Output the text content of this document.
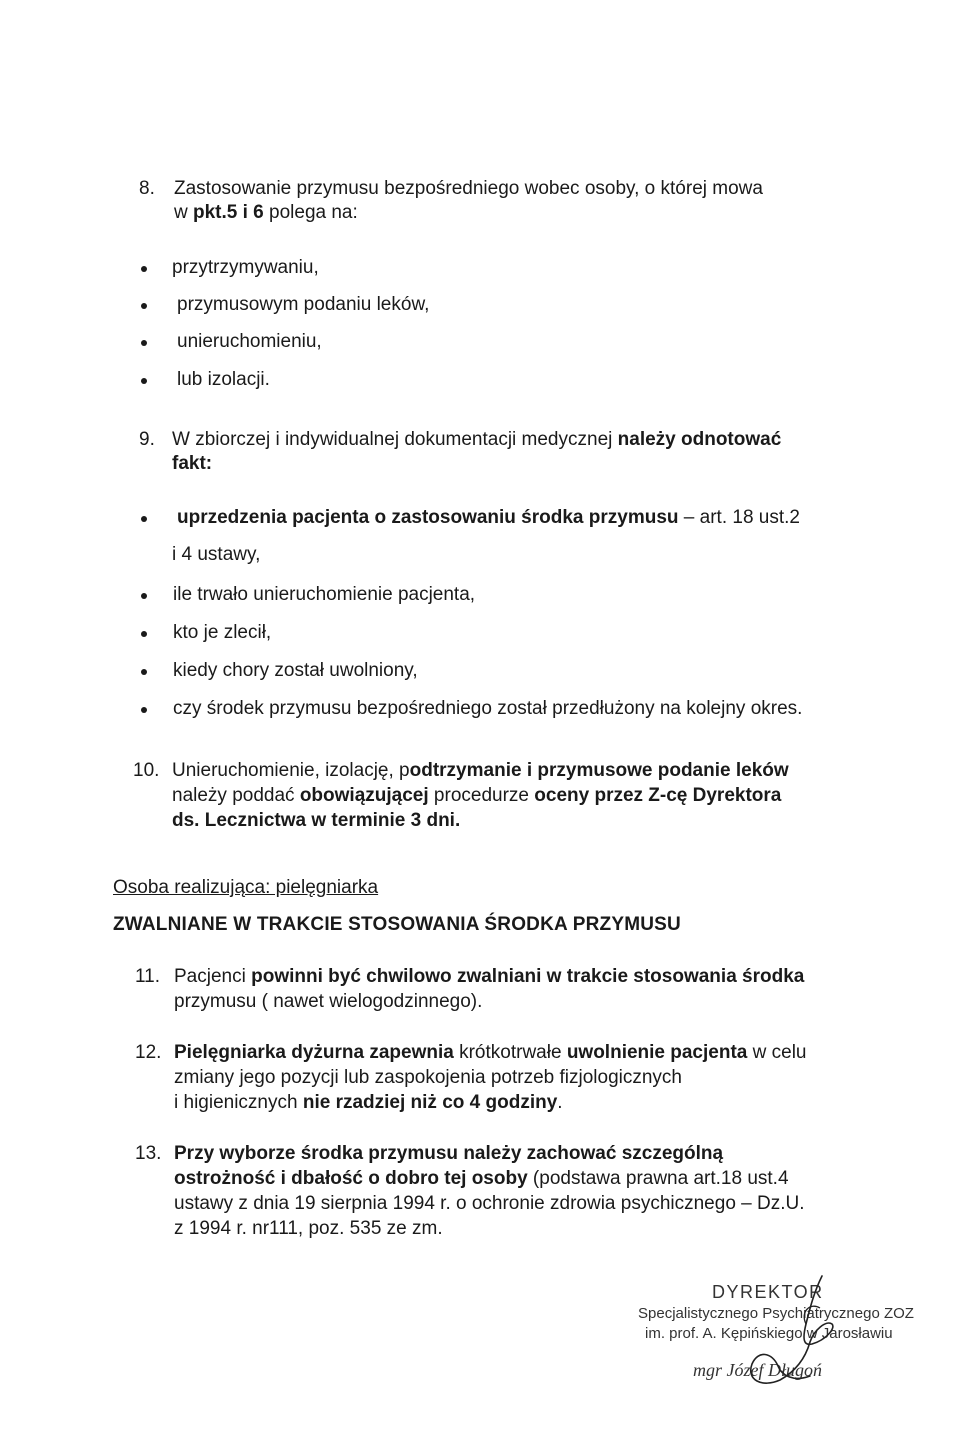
8. Zastosowanie przymusu bezpośredniego wobec osoby, o której mowa
w pkt.5 i 6 polega na:
przytrzymywaniu,
przymusowym podaniu leków,
unieruchomieniu,
lub izolacji.
9. W zbiorczej i indywidualnej dokumentacji medycznej należy odnotować
fakt:
uprzedzenia pacjenta o zastosowaniu środka przymusu – art. 18 ust.2
i 4 ustawy,
ile trwało unieruchomienie pacjenta,
kto je zlecił,
kiedy chory został uwolniony,
czy środek przymusu bezpośredniego został przedłużony na kolejny okres.
10. Unieruchomienie, izolację, podtrzymanie i przymusowe podanie leków
należy poddać obowiązującej procedurze oceny przez Z-cę Dyrektora
ds. Lecznictwa w terminie 3 dni.
Osoba realizująca: pielęgniarka
ZWALNIANE W TRAKCIE STOSOWANIA ŚRODKA PRZYMUSU
11. Pacjenci powinni być chwilowo zwalniani w trakcie stosowania środka
przymusu ( nawet wielogodzinnego).
12. Pielęgniarka dyżurna zapewnia krótkotrwałe uwolnienie pacjenta w celu
zmiany jego pozycji lub zaspokojenia potrzeb fizjologicznych
i higienicznych nie rzadziej niż co 4 godziny.
13. Przy wyborze środka przymusu należy zachować szczególną
ostrożność i dbałość o dobro tej osoby (podstawa prawna art.18 ust.4
ustawy z dnia 19 sierpnia 1994 r. o ochronie zdrowia psychicznego – Dz.U.
z 1994 r. nr111, poz. 535 ze zm.
DYREKTOR
Specjalistycznego Psychiatrycznego ZOZ
im. prof. A. Kępińskiego w Jarosławiu
mgr Józef Długoń
